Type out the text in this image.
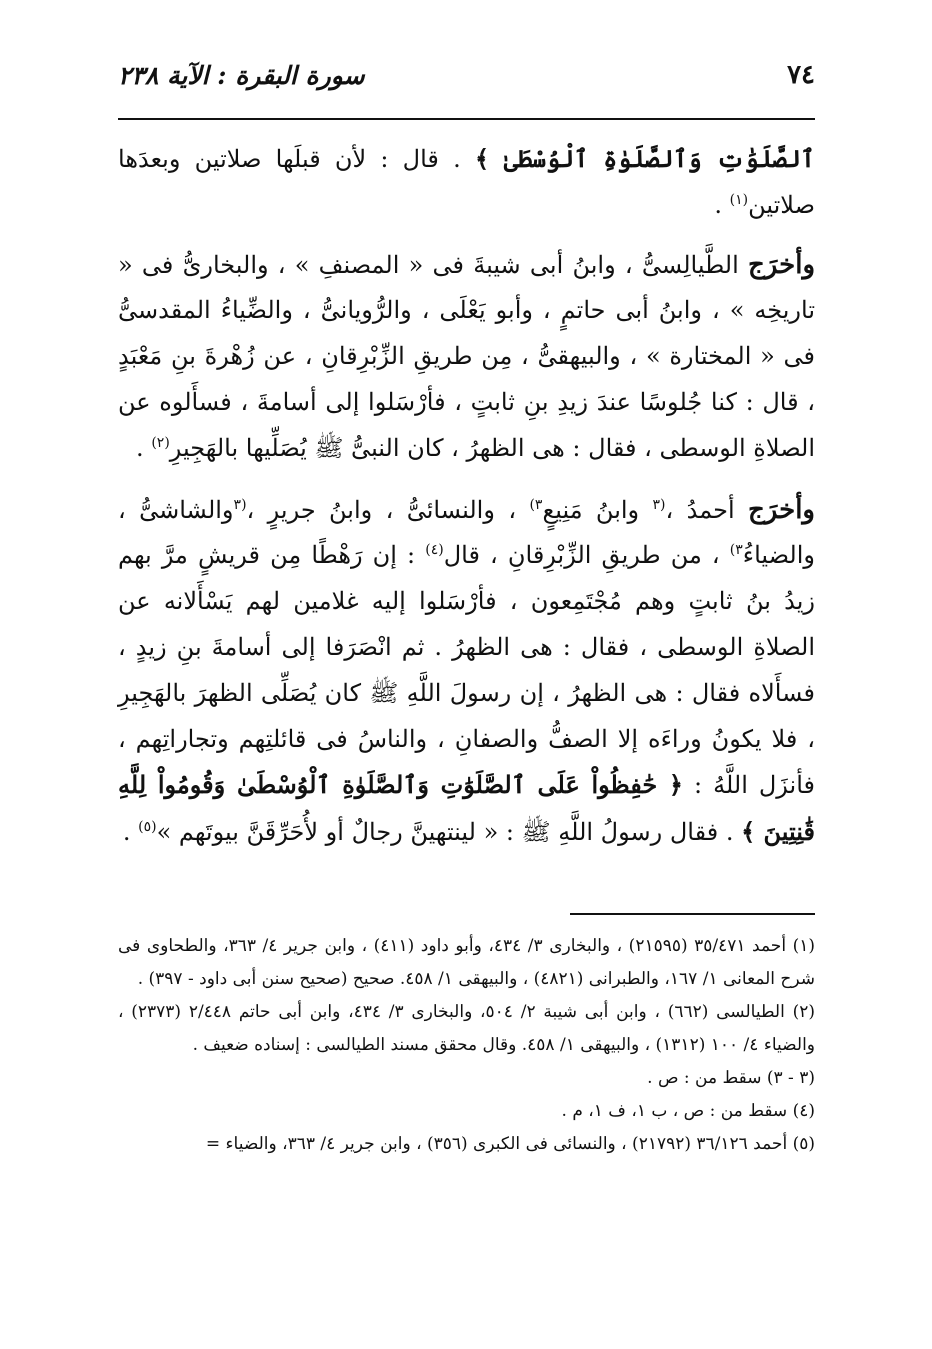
٧٤
سورة البقرة : الآية ٢٣٨

ٱلصَّلَوَٰتِ وَٱلصَّلَوٰةِ ٱلْوُسْطَىٰ ﴾ . قال : لأن قبلَها صلاتين وبعدَها صلاتين$^{(١)}$ .

وأخرَج الطَّيالِسىُّ ، وابنُ أبى شيبةَ فى « المصنفِ » ، والبخارىُّ فى « تاريخِه » ، وابنُ أبى حاتمٍ ، وأبو يَعْلَى ، والرُّويانىُّ ، والضِّياءُ المقدسىُّ فى « المختارة » ، والبيهقىُّ ، مِن طريقِ الزِّبْرِقانِ ، عن زُهْرةَ بنِ مَعْبَدٍ ، قال : كنا جُلوسًا عندَ زيدِ بنِ ثابتٍ ، فأرْسَلوا إلى أسامةَ ، فسأَلوه عن الصلاةِ الوسطى ، فقال : هى الظهرُ ، كان النبىُّ ﷺ يُصَلِّيها بالهَجِيرِ$^{(٢)}$ .

وأخرَج أحمدُ ،$^{(٣}$ وابنُ مَنِيعٍ$^{٣)}$ ، والنسائىُّ ، وابنُ جريرٍ ،$^{(٣}$والشاشىُّ ، والضياءُ$^{٣)}$ ، من طريقِ الزِّبْرِقانِ ، قال$^{(٤)}$ : إن رَهْطًا مِن قريشٍ مرَّ بهم زيدُ بنُ ثابتٍ وهم مُجْتَمِعون ، فأرْسَلوا إليه غلامين لهم يَسْأَلانه عن الصلاةِ الوسطى ، فقال : هى الظهرُ . ثم انْصَرَفا إلى أسامةَ بنِ زيدٍ ، فسأَلاه فقال : هى الظهرُ ، إن رسولَ اللَّهِ ﷺ كان يُصَلِّى الظهرَ بالهَجِيرِ ، فلا يكونُ وراءَه إلا الصفُّ والصفانِ ، والناسُ فى قائلتِهم وتجاراتِهم ، فأنزَل اللَّهُ : ﴿ حَٰفِظُواْ عَلَى ٱلصَّلَوَٰتِ وَٱلصَّلَوٰةِ ٱلْوُسْطَىٰ وَقُومُواْ لِلَّهِ قَٰنِتِينَ ﴾ . فقال رسولُ اللَّهِ ﷺ : « لينتهينَّ رجالٌ أو لأُحَرِّقَنَّ بيوتَهم »$^{(٥)}$ .

(١) أحمد ٣٥/٤٧١ (٢١٥٩٥) ، والبخارى ٣/ ٤٣٤، وأبو داود (٤١١) ، وابن جرير ٤/ ٣٦٣، والطحاوى فى شرح المعانى ١/ ١٦٧، والطبرانى (٤٨٢١) ، والبيهقى ١/ ٤٥٨. صحيح (صحيح سنن أبى داود - ٣٩٧) .

(٢) الطيالسى (٦٦٢) ، وابن أبى شيبة ٢/ ٥٠٤، والبخارى ٣/ ٤٣٤، وابن أبى حاتم ٢/٤٤٨ (٢٣٧٣) ، والضياء ٤/ ١٠٠ (١٣١٢) ، والبيهقى ١/ ٤٥٨. وقال محقق مسند الطيالسى : إسناده ضعيف .

(٣ - ٣) سقط من : ص .

(٤) سقط من : ص ، ب ١، ف ١، م .

(٥) أحمد ٣٦/١٢٦ (٢١٧٩٢) ، والنسائى فى الكبرى (٣٥٦) ، وابن جرير ٤/ ٣٦٣، والضياء =
